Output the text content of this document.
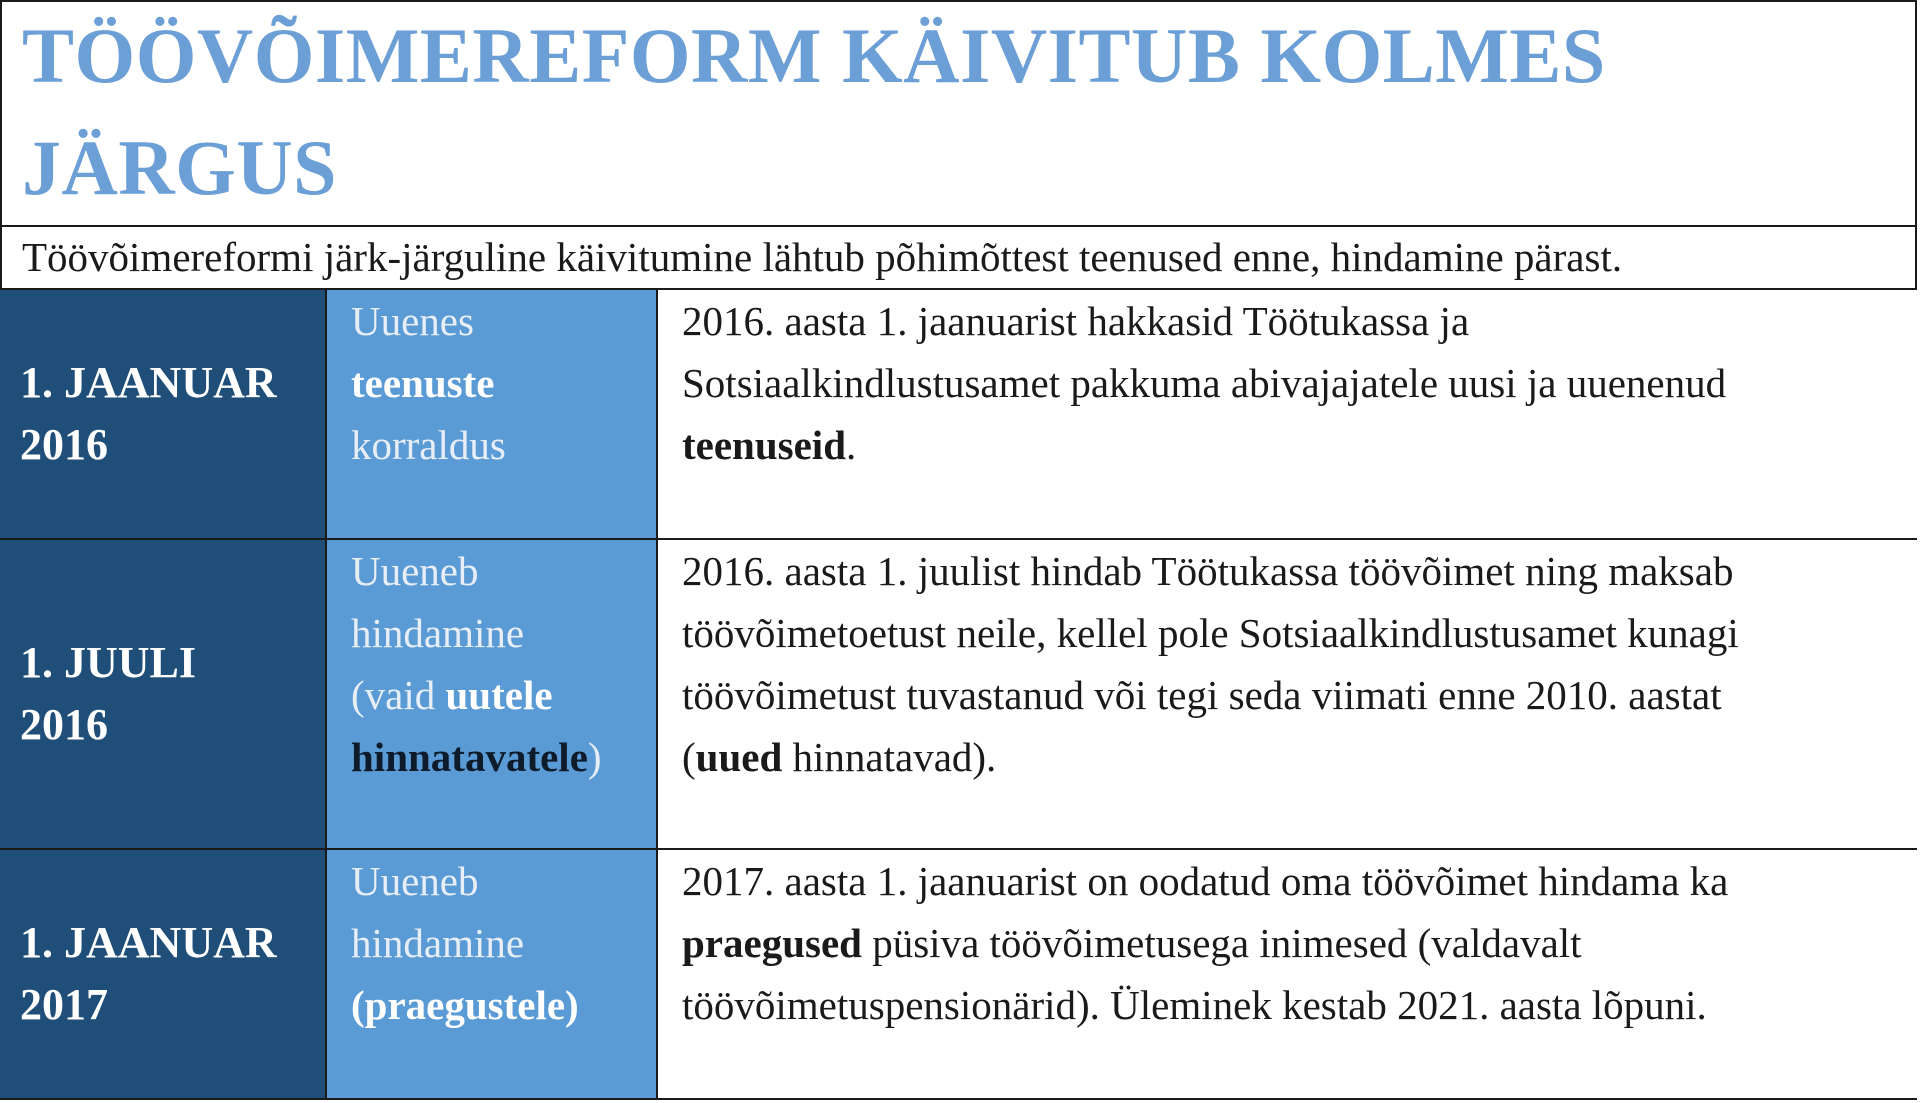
TÖÖVÕIMEREFORM KÄIVITUB KOLMES
JÄRGUS
Töövõimereformi järk-järguline käivitumine lähtub põhimõttest teenused enne, hindamine pärast.
1. JAANUAR
2016
Uuenes
teenuste
korraldus
2016. aasta 1. jaanuarist hakkasid Töötukassa ja
Sotsiaalkindlustusamet pakkuma abivajajatele uusi ja uuenenud
teenuseid.
1. JUULI
2016
Uueneb
hindamine
(vaid uutele
hinnatavatele)
2016. aasta 1. juulist hindab Töötukassa töövõimet ning maksab
töövõimetoetust neile, kellel pole Sotsiaalkindlustusamet kunagi
töövõimetust tuvastanud või tegi seda viimati enne 2010. aastat
(uued hinnatavad).
1. JAANUAR
2017
Uueneb
hindamine
(praegustele)
2017. aasta 1. jaanuarist on oodatud oma töövõimet hindama ka
praegused püsiva töövõimetusega inimesed (valdavalt
töövõimetuspensionärid). Üleminek kestab 2021. aasta lõpuni.
